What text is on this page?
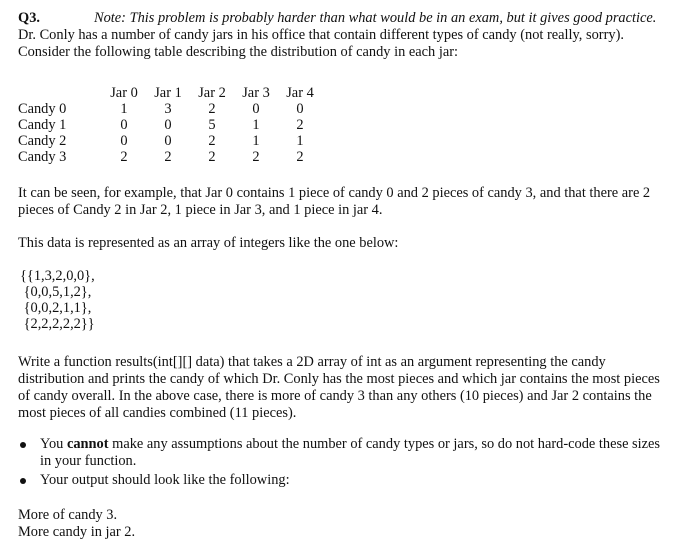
Q3.	Note: This problem is probably harder than what would be in an exam, but it gives good practice.

Dr. Conly has a number of candy jars in his office that contain different types of candy (not really, sorry).

Consider the following table describing the distribution of candy in each jar:

	Jar 0	Jar 1	Jar 2	Jar 3	Jar 4
Candy 0	1	3	2	0	0
Candy 1	0	0	5	1	2
Candy 2	0	0	2	1	1
Candy 3	2	2	2	2	2

It can be seen, for example, that Jar 0 contains 1 piece of candy 0 and 2 pieces of candy 3, and that there are 2

pieces of Candy 2 in Jar 2, 1 piece in Jar 3, and 1 piece in jar 4.

This data is represented as an array of integers like the one below:

{{1,3,2,0,0},
{0,0,5,1,2},
{0,0,2,1,1},
{2,2,2,2,2}}

Write a function results(int[][] data) that takes a 2D array of int as an argument representing the candy

distribution and prints the candy of which Dr. Conly has the most pieces and which jar contains the most pieces

of candy overall. In the above case, there is more of candy 3 than any others (10 pieces) and Jar 2 contains the

most pieces of all candies combined (11 pieces).

You cannot make any assumptions about the number of candy types or jars, so do not hard-code these sizes
in your function.
Your output should look like the following:

More of candy 3.

More candy in jar 2.
